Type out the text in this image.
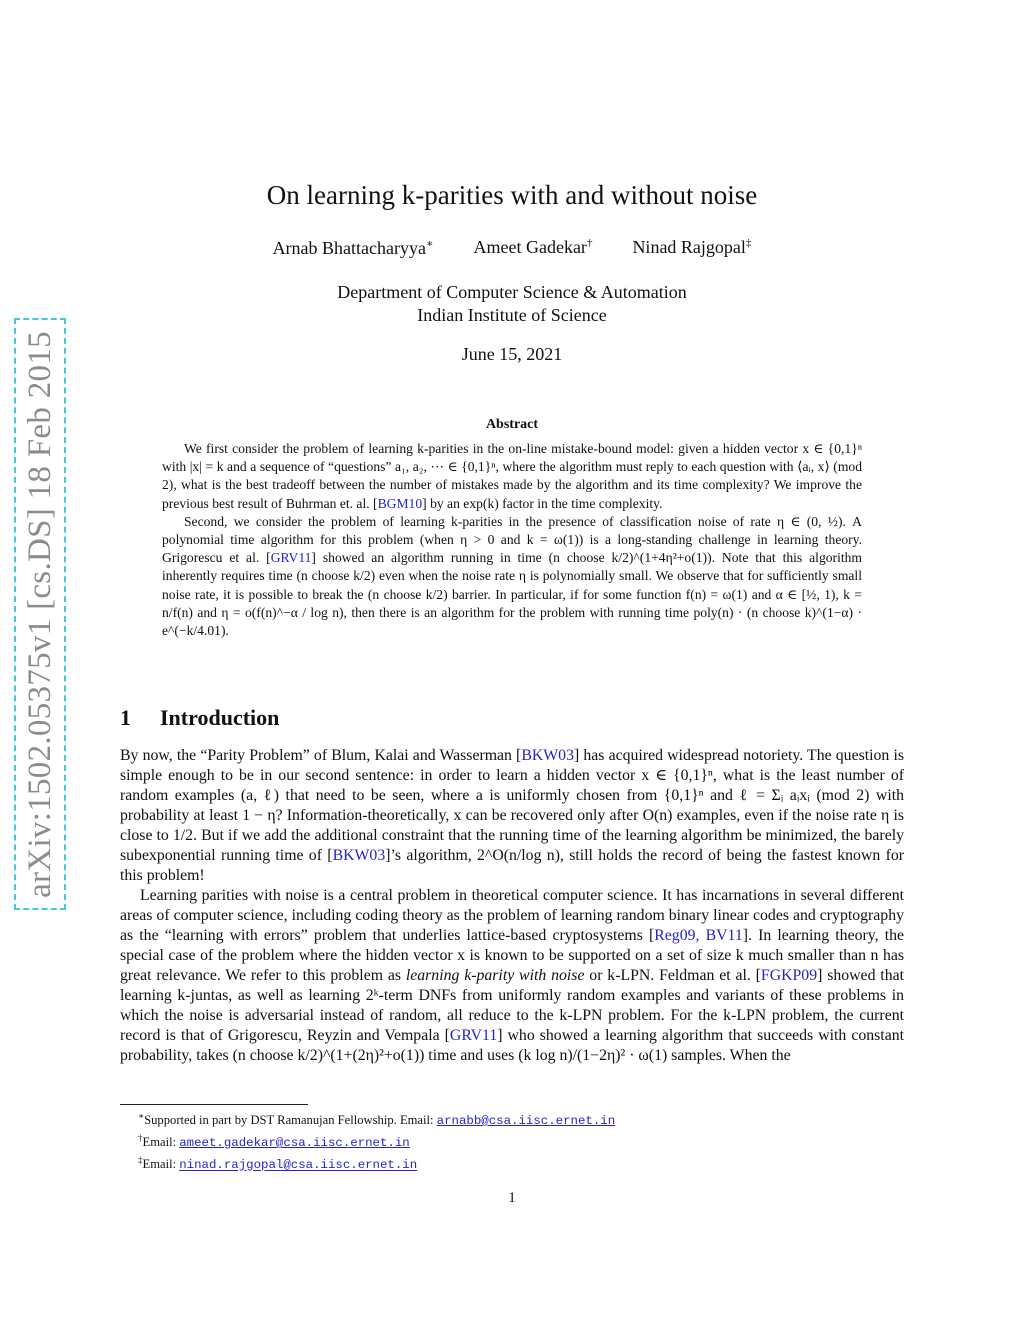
arXiv:1502.05375v1 [cs.DS] 18 Feb 2015
On learning k-parities with and without noise
Arnab Bhattacharyya∗ Ameet Gadekar† Ninad Rajgopal‡
Department of Computer Science & Automation
Indian Institute of Science
June 15, 2021
Abstract

We first consider the problem of learning k-parities in the on-line mistake-bound model: given a hidden vector x ∈ {0,1}ⁿ with |x| = k and a sequence of “questions” a₁, a₂, ⋯ ∈ {0,1}ⁿ, where the algorithm must reply to each question with ⟨aᵢ, x⟩ (mod 2), what is the best tradeoff between the number of mistakes made by the algorithm and its time complexity? We improve the previous best result of Buhrman et. al. [BGM10] by an exp(k) factor in the time complexity.

Second, we consider the problem of learning k-parities in the presence of classification noise of rate η ∈ (0, ½). A polynomial time algorithm for this problem (when η > 0 and k = ω(1)) is a long-standing challenge in learning theory. Grigorescu et al. [GRV11] showed an algorithm running in time (n choose k/2)^(1+4η²+o(1)). Note that this algorithm inherently requires time (n choose k/2) even when the noise rate η is polynomially small. We observe that for sufficiently small noise rate, it is possible to break the (n choose k/2) barrier. In particular, if for some function f(n) = ω(1) and α ∈ [½, 1), k = n/f(n) and η = o(f(n)^−α / log n), then there is an algorithm for the problem with running time poly(n) · (n choose k)^(1−α) · e^(−k/4.01).

1 Introduction

By now, the “Parity Problem” of Blum, Kalai and Wasserman [BKW03] has acquired widespread notoriety. The question is simple enough to be in our second sentence: in order to learn a hidden vector x ∈ {0,1}ⁿ, what is the least number of random examples (a, ℓ) that need to be seen, where a is uniformly chosen from {0,1}ⁿ and ℓ = Σᵢ aᵢxᵢ (mod 2) with probability at least 1 − η? Information-theoretically, x can be recovered only after O(n) examples, even if the noise rate η is close to 1/2. But if we add the additional constraint that the running time of the learning algorithm be minimized, the barely subexponential running time of [BKW03]’s algorithm, 2^O(n/log n), still holds the record of being the fastest known for this problem!

Learning parities with noise is a central problem in theoretical computer science. It has incarnations in several different areas of computer science, including coding theory as the problem of learning random binary linear codes and cryptography as the “learning with errors” problem that underlies lattice-based cryptosystems [Reg09, BV11]. In learning theory, the special case of the problem where the hidden vector x is known to be supported on a set of size k much smaller than n has great relevance. We refer to this problem as learning k-parity with noise or k-LPN. Feldman et al. [FGKP09] showed that learning k-juntas, as well as learning 2ᵏ-term DNFs from uniformly random examples and variants of these problems in which the noise is adversarial instead of random, all reduce to the k-LPN problem. For the k-LPN problem, the current record is that of Grigorescu, Reyzin and Vempala [GRV11] who showed a learning algorithm that succeeds with constant probability, takes (n choose k/2)^(1+(2η)²+o(1)) time and uses (k log n)/(1−2η)² · ω(1) samples. When the

∗Supported in part by DST Ramanujan Fellowship. Email: arnabb@csa.iisc.ernet.in
†Email: ameet.gadekar@csa.iisc.ernet.in
‡Email: ninad.rajgopal@csa.iisc.ernet.in
1
